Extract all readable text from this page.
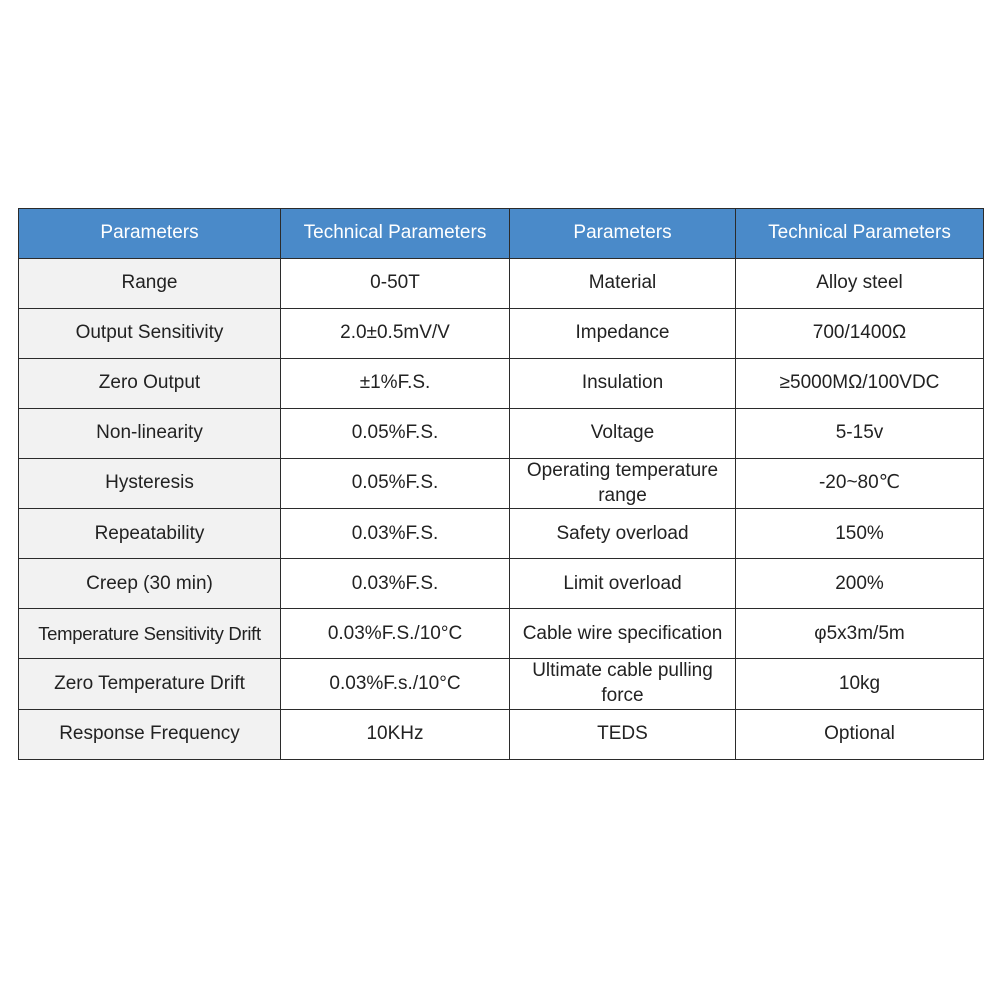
Parameters	Technical Parameters	Parameters	Technical Parameters
Range	0-50T	Material	Alloy steel
Output Sensitivity	2.0±0.5mV/V	Impedance	700/1400Ω
Zero Output	±1%F.S.	Insulation	≥5000MΩ/100VDC
Non-linearity	0.05%F.S.	Voltage	5-15v
Hysteresis	0.05%F.S.	Operating temperature range	-20~80℃
Repeatability	0.03%F.S.	Safety overload	150%
Creep (30 min)	0.03%F.S.	Limit overload	200%
Temperature Sensitivity Drift	0.03%F.S./10°C	Cable wire specification	φ5x3m/5m
Zero Temperature Drift	0.03%F.s./10°C	Ultimate cable pulling force	10kg
Response Frequency	10KHz	TEDS	Optional
